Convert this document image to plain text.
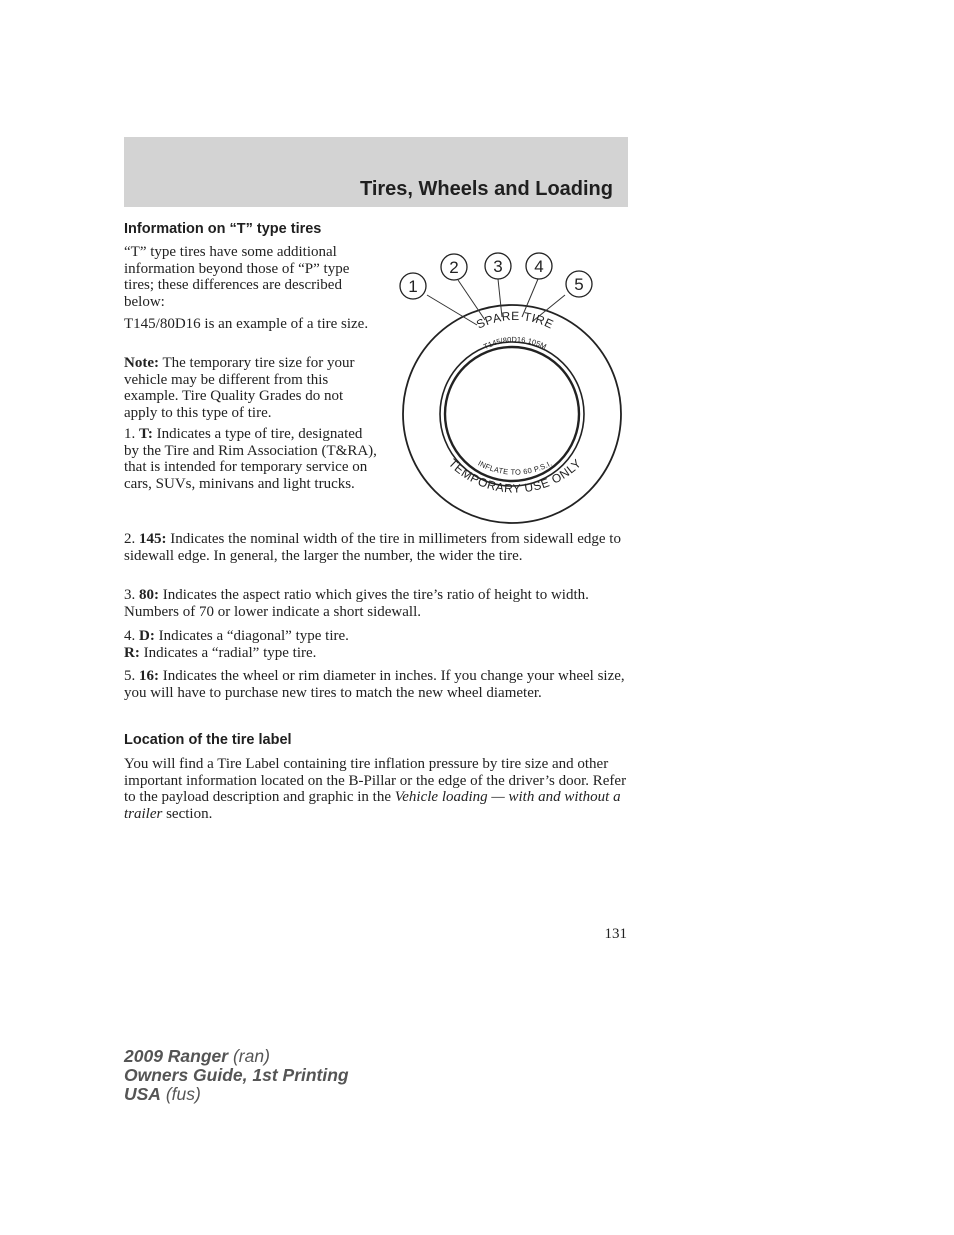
Tires, Wheels and Loading
Information on “T” type tires

“T” type tires have some additional information beyond those of “P” type tires; these differences are described below:

T145/80D16 is an example of a tire size.

Note: The temporary tire size for your vehicle may be different from this example. Tire Quality Grades do not apply to this type of tire.

1. T: Indicates a type of tire, designated by the Tire and Rim Association (T&RA), that is intended for temporary service on cars, SUVs, minivans and light trucks.

2. 145: Indicates the nominal width of the tire in millimeters from sidewall edge to sidewall edge. In general, the larger the number, the wider the tire.

3. 80: Indicates the aspect ratio which gives the tire’s ratio of height to width. Numbers of 70 or lower indicate a short sidewall.

4. D: Indicates a “diagonal” type tire.
R: Indicates a “radial” type tire.

5. 16: Indicates the wheel or rim diameter in inches. If you change your wheel size, you will have to purchase new tires to match the new wheel diameter.

1
2 3 4
5
SPARE TIRE
T145/80D16 105M
TEMPORARY USE ONLY
INFLATE TO 60 P.S.I.
Location of the tire label

You will find a Tire Label containing tire inflation pressure by tire size and other important information located on the B-Pillar or the edge of the driver’s door. Refer to the payload description and graphic in the Vehicle loading — with and without a trailer section.

131
2009 Ranger (ran)
Owners Guide, 1st Printing
USA (fus)
